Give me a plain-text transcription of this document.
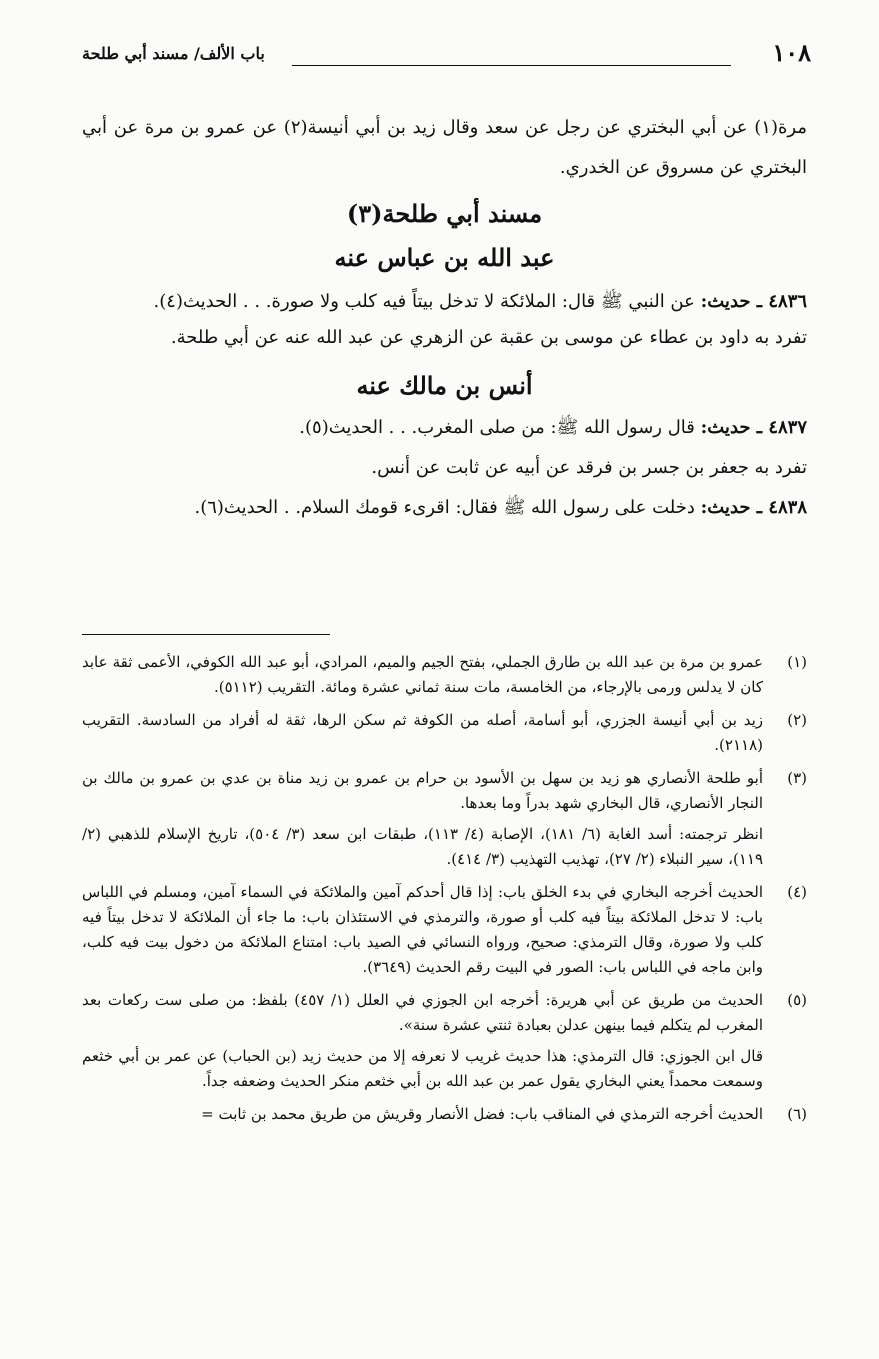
١٠٨
باب الألف/ مسند أبي طلحة

مرة(١) عن أبي البختري عن رجل عن سعد وقال زيد بن أبي أنيسة(٢) عن عمرو بن مرة عن أبي البختري عن مسروق عن الخدري.

مسند أبي طلحة(٣)

عبد الله بن عباس عنه

٤٨٣٦ ـ حديث: عن النبي ﷺ قال: الملائكة لا تدخل بيتاً فيه كلب ولا صورة. . . الحديث(٤).

تفرد به داود بن عطاء عن موسى بن عقبة عن الزهري عن عبد الله عنه عن أبي طلحة.

أنس بن مالك عنه

٤٨٣٧ ـ حديث: قال رسول الله ﷺ: من صلى المغرب. . . الحديث(٥).

تفرد به جعفر بن جسر بن فرقد عن أبيه عن ثابت عن أنس.

٤٨٣٨ ـ حديث: دخلت على رسول الله ﷺ فقال: اقرىء قومك السلام. . الحديث(٦).

(١)

عمرو بن مرة بن عبد الله بن طارق الجملي، بفتح الجيم والميم، المرادي، أبو عبد الله الكوفي، الأعمى ثقة عابد كان لا يدلس ورمى بالإرجاء، من الخامسة، مات سنة ثماني عشرة ومائة. التقريب (٥١١٢).

(٢)

زيد بن أبي أنيسة الجزري، أبو أسامة، أصله من الكوفة ثم سكن الرها، ثقة له أفراد من السادسة. التقريب (٢١١٨).

(٣)

أبو طلحة الأنصاري هو زيد بن سهل بن الأسود بن حرام بن عمرو بن زيد مناة بن عدي بن عمرو بن مالك بن النجار الأنصاري، قال البخاري شهد بدراً وما بعدها.

انظر ترجمته: أسد الغابة (٦/ ١٨١)، الإصابة (٤/ ١١٣)، طبقات ابن سعد (٣/ ٥٠٤)، تاريخ الإسلام للذهبي (٢/ ١١٩)، سير النبلاء (٢/ ٢٧)، تهذيب التهذيب (٣/ ٤١٤).

(٤)

الحديث أخرجه البخاري في بدء الخلق باب: إذا قال أحدكم آمين والملائكة في السماء آمين، ومسلم في اللباس باب: لا تدخل الملائكة بيتاً فيه كلب أو صورة، والترمذي في الاستئذان باب: ما جاء أن الملائكة لا تدخل بيتاً فيه كلب ولا صورة، وقال الترمذي: صحيح، ورواه النسائي في الصيد باب: امتناع الملائكة من دخول بيت فيه كلب، وابن ماجه في اللباس باب: الصور في البيت رقم الحديث (٣٦٤٩).

(٥)

الحديث من طريق عن أبي هريرة: أخرجه ابن الجوزي في العلل (١/ ٤٥٧) بلفظ: من صلى ست ركعات بعد المغرب لم يتكلم فيما بينهن عدلن بعبادة ثنتي عشرة سنة».

قال ابن الجوزي: قال الترمذي: هذا حديث غريب لا نعرفه إلا من حديث زيد (بن الحباب) عن عمر بن أبي خثعم وسمعت محمداً يعني البخاري يقول عمر بن عبد الله بن أبي خثعم منكر الحديث وضعفه جداً.

(٦)

الحديث أخرجه الترمذي في المناقب باب: فضل الأنصار وقريش من طريق محمد بن ثابت =
